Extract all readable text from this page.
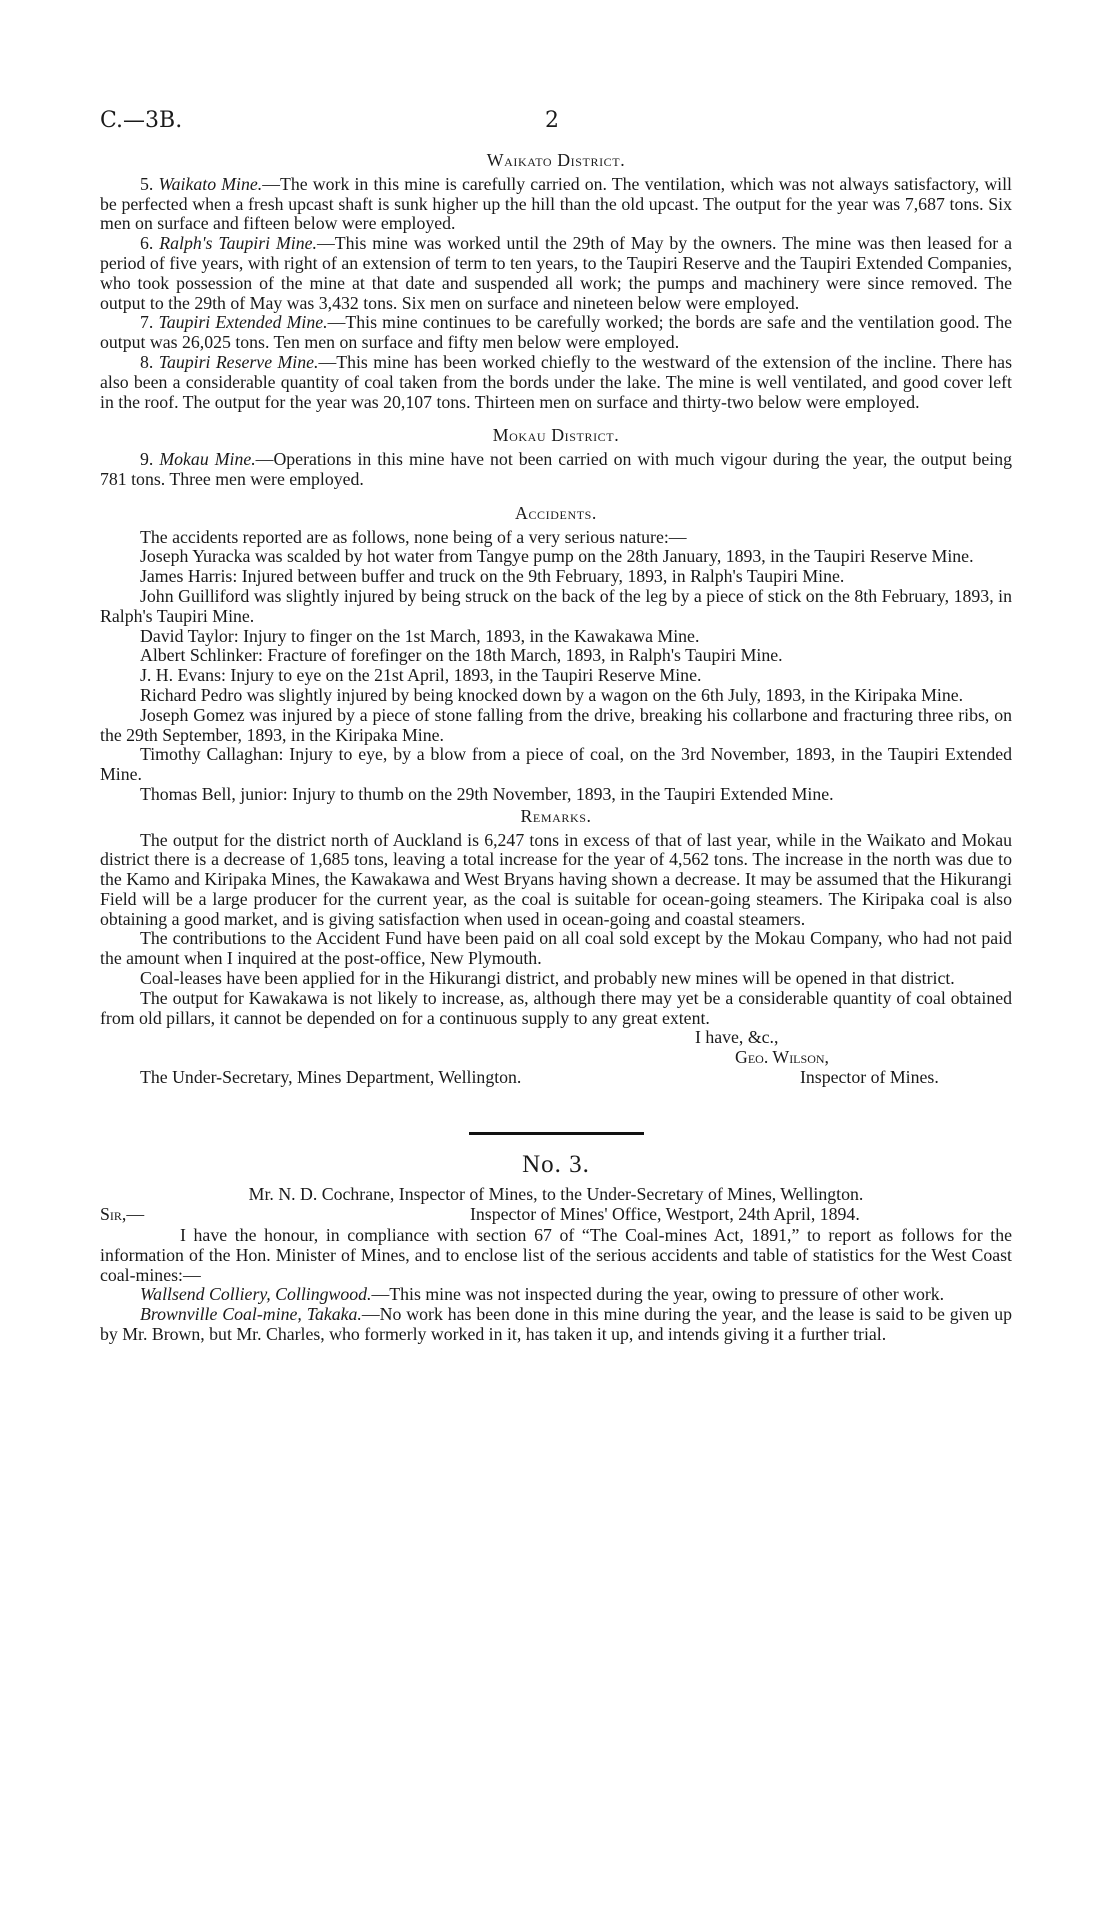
C.—3B.	2
Waikato District.

5. Waikato Mine.—The work in this mine is carefully carried on. The ventilation, which was not always satisfactory, will be perfected when a fresh upcast shaft is sunk higher up the hill than the old upcast. The output for the year was 7,687 tons. Six men on surface and fifteen below were employed.

6. Ralph's Taupiri Mine.—This mine was worked until the 29th of May by the owners. The mine was then leased for a period of five years, with right of an extension of term to ten years, to the Taupiri Reserve and the Taupiri Extended Companies, who took possession of the mine at that date and suspended all work; the pumps and machinery were since removed. The output to the 29th of May was 3,432 tons. Six men on surface and nineteen below were employed.

7. Taupiri Extended Mine.—This mine continues to be carefully worked; the bords are safe and the ventilation good. The output was 26,025 tons. Ten men on surface and fifty men below were employed.

8. Taupiri Reserve Mine.—This mine has been worked chiefly to the westward of the extension of the incline. There has also been a considerable quantity of coal taken from the bords under the lake. The mine is well ventilated, and good cover left in the roof. The output for the year was 20,107 tons. Thirteen men on surface and thirty-two below were employed.

Mokau District.

9. Mokau Mine.—Operations in this mine have not been carried on with much vigour during the year, the output being 781 tons. Three men were employed.

Accidents.

The accidents reported are as follows, none being of a very serious nature:—

Joseph Yuracka was scalded by hot water from Tangye pump on the 28th January, 1893, in the Taupiri Reserve Mine.

James Harris: Injured between buffer and truck on the 9th February, 1893, in Ralph's Taupiri Mine.

John Guilliford was slightly injured by being struck on the back of the leg by a piece of stick on the 8th February, 1893, in Ralph's Taupiri Mine.

David Taylor: Injury to finger on the 1st March, 1893, in the Kawakawa Mine.

Albert Schlinker: Fracture of forefinger on the 18th March, 1893, in Ralph's Taupiri Mine.

J. H. Evans: Injury to eye on the 21st April, 1893, in the Taupiri Reserve Mine.

Richard Pedro was slightly injured by being knocked down by a wagon on the 6th July, 1893, in the Kiripaka Mine.

Joseph Gomez was injured by a piece of stone falling from the drive, breaking his collarbone and fracturing three ribs, on the 29th September, 1893, in the Kiripaka Mine.

Timothy Callaghan: Injury to eye, by a blow from a piece of coal, on the 3rd November, 1893, in the Taupiri Extended Mine.

Thomas Bell, junior: Injury to thumb on the 29th November, 1893, in the Taupiri Extended Mine.

Remarks.

The output for the district north of Auckland is 6,247 tons in excess of that of last year, while in the Waikato and Mokau district there is a decrease of 1,685 tons, leaving a total increase for the year of 4,562 tons. The increase in the north was due to the Kamo and Kiripaka Mines, the Kawakawa and West Bryans having shown a decrease. It may be assumed that the Hikurangi Field will be a large producer for the current year, as the coal is suitable for ocean-going steamers. The Kiripaka coal is also obtaining a good market, and is giving satisfaction when used in ocean-going and coastal steamers.

The contributions to the Accident Fund have been paid on all coal sold except by the Mokau Company, who had not paid the amount when I inquired at the post-office, New Plymouth.

Coal-leases have been applied for in the Hikurangi district, and probably new mines will be opened in that district.

The output for Kawakawa is not likely to increase, as, although there may yet be a considerable quantity of coal obtained from old pillars, it cannot be depended on for a continuous supply to any great extent.

I have, &c.,
Geo. Wilson,
The Under-Secretary, Mines Department, Wellington.	Inspector of Mines.
No. 3.
Mr. N. D. Cochrane, Inspector of Mines, to the Under-Secretary of Mines, Wellington.
Sir,—	Inspector of Mines' Office, Westport, 24th April, 1894.

I have the honour, in compliance with section 67 of “The Coal-mines Act, 1891,” to report as follows for the information of the Hon. Minister of Mines, and to enclose list of the serious accidents and table of statistics for the West Coast coal-mines:—

Wallsend Colliery, Collingwood.—This mine was not inspected during the year, owing to pressure of other work.

Brownville Coal-mine, Takaka.—No work has been done in this mine during the year, and the lease is said to be given up by Mr. Brown, but Mr. Charles, who formerly worked in it, has taken it up, and intends giving it a further trial.
